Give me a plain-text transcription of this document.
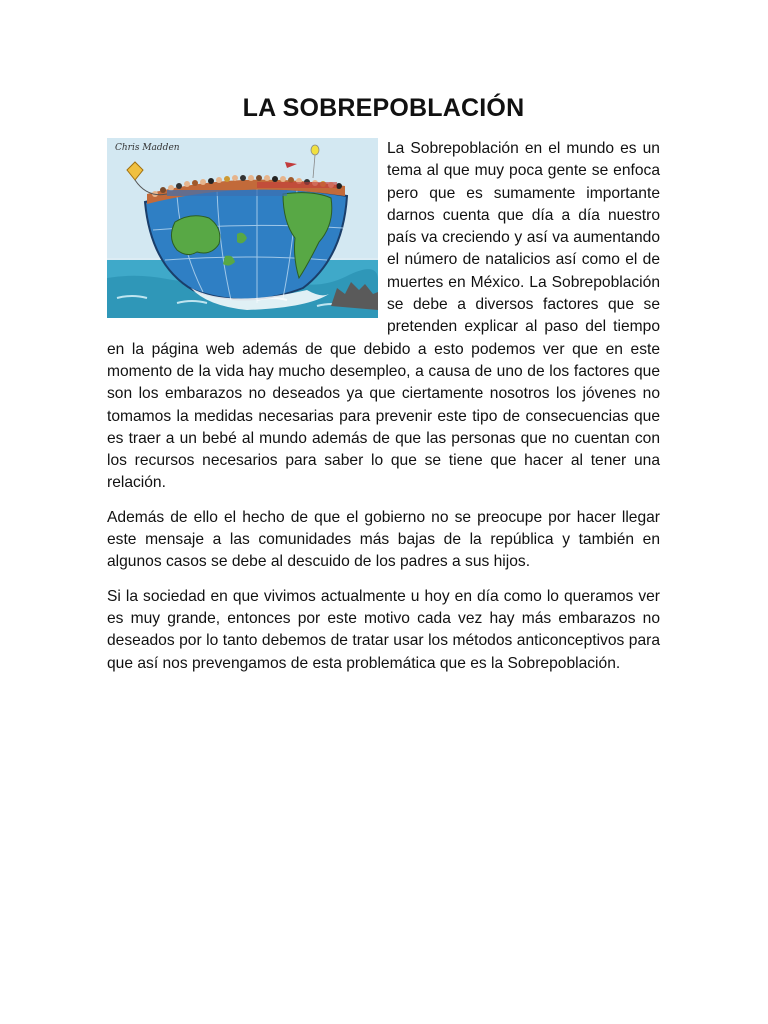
LA SOBREPOBLACIÓN
Chris Madden	La Sobrepoblación en el mundo es un tema al que muy poca gente se enfoca pero que es sumamente importante darnos cuenta que día a día nuestro país va creciendo y así va aumentando el número de natalicios así como el de muertes en México. La Sobrepoblación se debe a diversos factores que se pretenden explicar al paso del tiempo en la página web además de que debido a esto podemos ver que en este momento de la vida hay mucho desempleo, a causa de uno de los factores que son los embarazos no deseados ya que ciertamente nosotros los jóvenes no tomamos la medidas necesarias para prevenir este tipo de consecuencias que es traer a un bebé al mundo además de que las personas que no cuentan con los recursos necesarios para saber lo que se tiene que hacer al tener una relación.

Además de ello el hecho de que el gobierno no se preocupe por hacer llegar este mensaje a las comunidades más bajas de la república y también en algunos casos se debe al descuido de los padres a sus hijos.

Si la sociedad en que vivimos actualmente u hoy en día como lo queramos ver es muy grande, entonces por este motivo cada vez hay más embarazos no deseados por lo tanto debemos de tratar usar los métodos anticonceptivos para que así nos prevengamos de esta problemática que es la Sobrepoblación.
